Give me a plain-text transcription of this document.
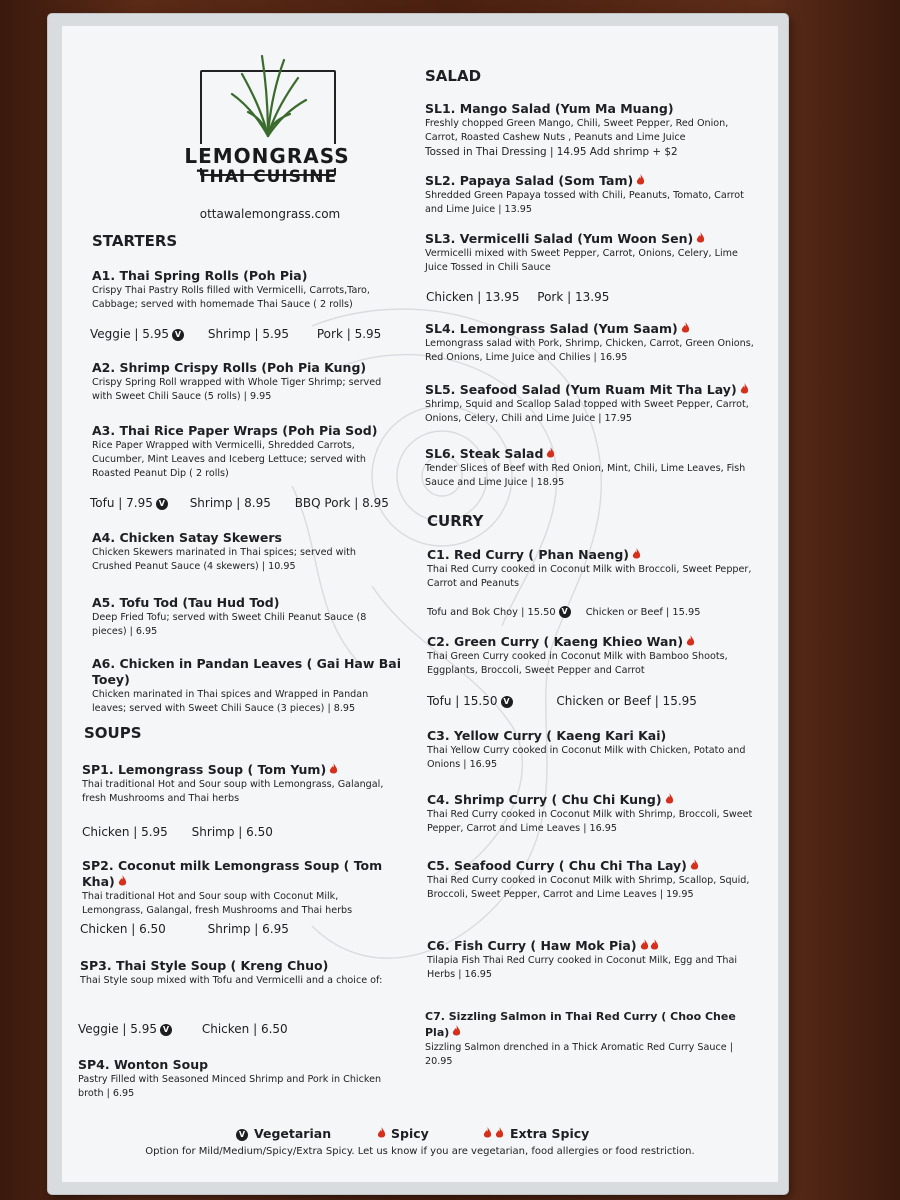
LEMONGRASS
THAI CUISINE
ottawalemongrass.com
STARTERS
A1. Thai Spring Rolls (Poh Pia)
Crispy Thai Pastry Rolls filled with Vermicelli, Carrots,Taro, Cabbage; served with homemade Thai Sauce ( 2 rolls)
Veggie | 5.95 V Shrimp | 5.95 Pork | 5.95
A2. Shrimp Crispy Rolls (Poh Pia Kung)
Crispy Spring Roll wrapped with Whole Tiger Shrimp; served with Sweet Chili Sauce (5 rolls) | 9.95
A3. Thai Rice Paper Wraps (Poh Pia Sod)
Rice Paper Wrapped with Vermicelli, Shredded Carrots, Cucumber, Mint Leaves and Iceberg Lettuce; served with Roasted Peanut Dip ( 2 rolls)
Tofu | 7.95 V Shrimp | 8.95 BBQ Pork | 8.95
A4. Chicken Satay Skewers
Chicken Skewers marinated in Thai spices; served with Crushed Peanut Sauce (4 skewers) | 10.95
A5. Tofu Tod (Tau Hud Tod)
Deep Fried Tofu; served with Sweet Chili Peanut Sauce (8 pieces) | 6.95
A6. Chicken in Pandan Leaves ( Gai Haw Bai Toey)
Chicken marinated in Thai spices and Wrapped in Pandan leaves; served with Sweet Chili Sauce (3 pieces) | 8.95
SOUPS
SP1. Lemongrass Soup ( Tom Yum)
Thai traditional Hot and Sour soup with Lemongrass, Galangal, fresh Mushrooms and Thai herbs
Chicken | 5.95 Shrimp | 6.50
SP2. Coconut milk Lemongrass Soup ( Tom Kha)
Thai traditional Hot and Sour soup with Coconut Milk, Lemongrass, Galangal, fresh Mushrooms and Thai herbs
Chicken | 6.50	Shrimp | 6.95
SP3. Thai Style Soup ( Kreng Chuo)
Thai Style soup mixed with Tofu and Vermicelli and a choice of:
Veggie | 5.95 V	Chicken | 6.50
SP4. Wonton Soup
Pastry Filled with Seasoned Minced Shrimp and Pork in Chicken broth | 6.95
SALAD
SL1. Mango Salad (Yum Ma Muang)
Freshly chopped Green Mango, Chili, Sweet Pepper, Red Onion, Carrot, Roasted Cashew Nuts , Peanuts and Lime Juice
Tossed in Thai Dressing | 14.95 Add shrimp + $2
SL2. Papaya Salad (Som Tam)
Shredded Green Papaya tossed with Chili, Peanuts, Tomato, Carrot and Lime Juice | 13.95
SL3. Vermicelli Salad (Yum Woon Sen)
Vermicelli mixed with Sweet Pepper, Carrot, Onions, Celery, Lime Juice Tossed in Chili Sauce
Chicken | 13.95 Pork | 13.95
SL4. Lemongrass Salad (Yum Saam)
Lemongrass salad with Pork, Shrimp, Chicken, Carrot, Green Onions, Red Onions, Lime Juice and Chilies | 16.95
SL5. Seafood Salad (Yum Ruam Mit Tha Lay)
Shrimp, Squid and Scallop Salad topped with Sweet Pepper, Carrot, Onions, Celery, Chili and Lime Juice | 17.95
SL6. Steak Salad
Tender Slices of Beef with Red Onion, Mint, Chili, Lime Leaves, Fish Sauce and Lime Juice | 18.95
CURRY
C1. Red Curry ( Phan Naeng)
Thai Red Curry cooked in Coconut Milk with Broccoli, Sweet Pepper, Carrot and Peanuts
Tofu and Bok Choy | 15.50 V Chicken or Beef | 15.95
C2. Green Curry ( Kaeng Khieo Wan)
Thai Green Curry cooked in Coconut Milk with Bamboo Shoots, Eggplants, Broccoli, Sweet Pepper and Carrot
Tofu | 15.50 V	Chicken or Beef | 15.95
C3. Yellow Curry ( Kaeng Kari Kai)
Thai Yellow Curry cooked in Coconut Milk with Chicken, Potato and Onions | 16.95
C4. Shrimp Curry ( Chu Chi Kung)
Thai Red Curry cooked in Coconut Milk with Shrimp, Broccoli, Sweet Pepper, Carrot and Lime Leaves | 16.95
C5. Seafood Curry ( Chu Chi Tha Lay)
Thai Red Curry cooked in Coconut Milk with Shrimp, Scallop, Squid, Broccoli, Sweet Pepper, Carrot and Lime Leaves | 19.95
C6. Fish Curry ( Haw Mok Pia)
Tilapia Fish Thai Red Curry cooked in Coconut Milk, Egg and Thai Herbs | 16.95
C7. Sizzling Salmon in Thai Red Curry ( Choo Chee Pla)
Sizzling Salmon drenched in a Thick Aromatic Red Curry Sauce | 20.95
V Vegetarian	Spicy	Extra Spicy
Option for Mild/Medium/Spicy/Extra Spicy. Let us know if you are vegetarian, food allergies or food restriction.
